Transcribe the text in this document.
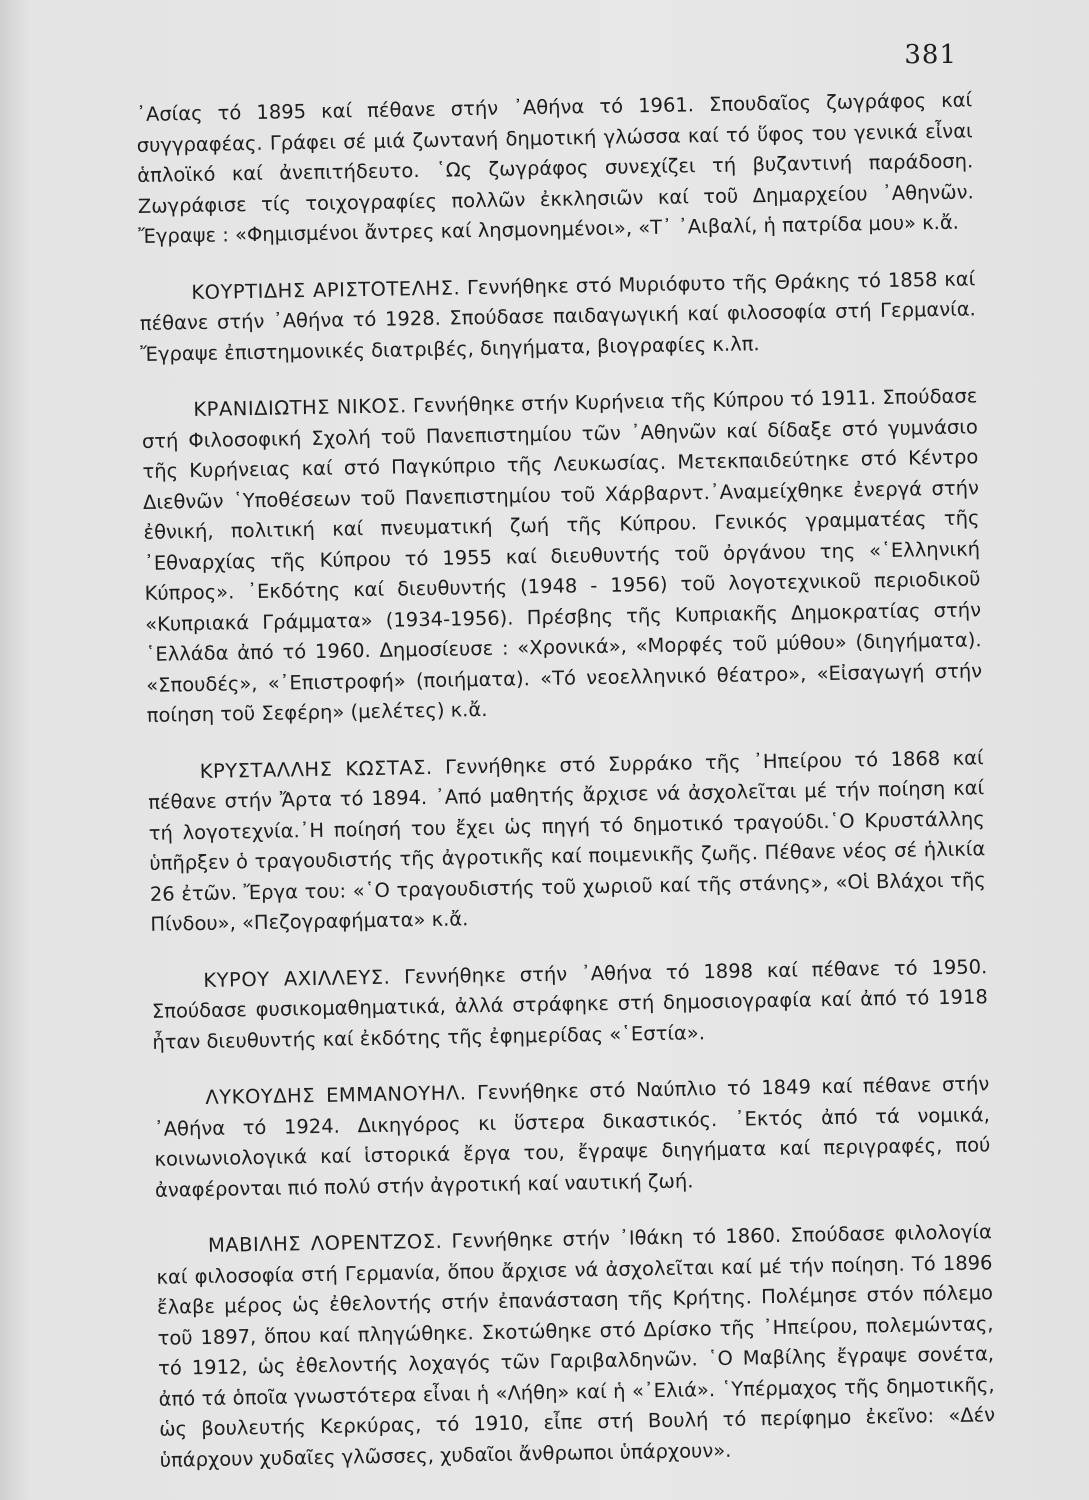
381

᾿Ασίας τό 1895 καί πέθανε στήν ᾿Αθήνα τό 1961. Σπουδαῖος ζωγράφος καί συγγραφέας. Γράφει σέ μιά ζωντανή δημοτική γλώσσα καί τό ὕφος του γενικά εἶναι ἁπλοϊκό καί ἀνεπιτήδευτο. ῾Ως ζωγράφος συνεχίζει τή βυζαντινή παράδοση. Ζωγράφισε τίς τοιχογραφίες πολλῶν ἐκκλησιῶν καί τοῦ Δημαρχείου ᾿Αθηνῶν. Ἔγραψε : «Φημισμένοι ἄντρες καί λησμονημένοι», «Τ᾿ ᾿Αιβαλί, ἡ πατρίδα μου» κ.ἄ.

ΚΟΥΡΤΙΔΗΣ ΑΡΙΣΤΟΤΕΛΗΣ. Γεννήθηκε στό Μυριόφυτο τῆς Θράκης τό 1858 καί πέθανε στήν ᾿Αθήνα τό 1928. Σπούδασε παιδαγωγική καί φιλοσοφία στή Γερμανία. Ἔγραψε ἐπιστημονικές διατριβές, διηγήματα, βιογραφίες κ.λπ.

ΚΡΑΝΙΔΙΩΤΗΣ ΝΙΚΟΣ. Γεννήθηκε στήν Κυρήνεια τῆς Κύπρου τό 1911. Σπούδασε στή Φιλοσοφική Σχολή τοῦ Πανεπιστημίου τῶν ᾿Αθηνῶν καί δίδαξε στό γυμνάσιο τῆς Κυρήνειας καί στό Παγκύπριο τῆς Λευκωσίας. Μετεκπαιδεύτηκε στό Κέντρο Διεθνῶν ῾Υποθέσεων τοῦ Πανεπιστημίου τοῦ Χάρβαρντ.᾿Αναμείχθηκε ἐνεργά στήν ἐθνική, πολιτική καί πνευματική ζωή τῆς Κύπρου. Γενικός γραμματέας τῆς ᾿Εθναρχίας τῆς Κύπρου τό 1955 καί διευθυντής τοῦ ὀργάνου της «῾Ελληνική Κύπρος». ᾿Εκδότης καί διευθυντής (1948 - 1956) τοῦ λογοτεχνικοῦ περιοδικοῦ «Κυπριακά Γράμματα» (1934-1956). Πρέσβης τῆς Κυπριακῆς Δημοκρατίας στήν ῾Ελλάδα ἀπό τό 1960. Δημοσίευσε : «Χρονικά», «Μορφές τοῦ μύθου» (διηγήματα). «Σπουδές», «᾿Επιστροφή» (ποιήματα). «Τό νεοελληνικό θέατρο», «Εἰσαγωγή στήν ποίηση τοῦ Σεφέρη» (μελέτες) κ.ἄ.

ΚΡΥΣΤΑΛΛΗΣ ΚΩΣΤΑΣ. Γεννήθηκε στό Συρράκο τῆς ᾿Ηπείρου τό 1868 καί πέθανε στήν Ἄρτα τό 1894. ᾿Από μαθητής ἄρχισε νά ἀσχολεῖται μέ τήν ποίηση καί τή λογοτεχνία.᾿Η ποίησή του ἔχει ὡς πηγή τό δημοτικό τραγούδι.῾Ο Κρυστάλλης ὑπῆρξεν ὁ τραγουδιστής τῆς ἀγροτικῆς καί ποιμενικῆς ζωῆς. Πέθανε νέος σέ ἡλικία 26 ἐτῶν. Ἔργα του: «῾Ο τραγουδιστής τοῦ χωριοῦ καί τῆς στάνης», «Οἱ Βλάχοι τῆς Πίνδου», «Πεζογραφήματα» κ.ἄ.

ΚΥΡΟΥ ΑΧΙΛΛΕΥΣ. Γεννήθηκε στήν ᾿Αθήνα τό 1898 καί πέθανε τό 1950. Σπούδασε φυσικομαθηματικά, ἀλλά στράφηκε στή δημοσιογραφία καί ἀπό τό 1918 ἦταν διευθυντής καί ἐκδότης τῆς ἐφημερίδας «῾Εστία».

ΛΥΚΟΥΔΗΣ ΕΜΜΑΝΟΥΗΛ. Γεννήθηκε στό Ναύπλιο τό 1849 καί πέθανε στήν ᾿Αθήνα τό 1924. Δικηγόρος κι ὕστερα δικαστικός. ᾿Εκτός ἀπό τά νομικά, κοινωνιολογικά καί ἱστορικά ἔργα του, ἔγραψε διηγήματα καί περιγραφές, πού ἀναφέρονται πιό πολύ στήν ἀγροτική καί ναυτική ζωή.

ΜΑΒΙΛΗΣ ΛΟΡΕΝΤΖΟΣ. Γεννήθηκε στήν ᾿Ιθάκη τό 1860. Σπούδασε φιλολογία καί φιλοσοφία στή Γερμανία, ὅπου ἄρχισε νά ἀσχολεῖται καί μέ τήν ποίηση. Τό 1896 ἔλαβε μέρος ὡς ἐθελοντής στήν ἐπανάσταση τῆς Κρήτης. Πολέμησε στόν πόλεμο τοῦ 1897, ὅπου καί πληγώθηκε. Σκοτώθηκε στό Δρίσκο τῆς ᾿Ηπείρου, πολεμώντας, τό 1912, ὡς ἐθελοντής λοχαγός τῶν Γαριβαλδηνῶν. ῾Ο Μαβίλης ἔγραψε σονέτα, ἀπό τά ὁποῖα γνωστότερα εἶναι ἡ «Λήθη» καί ἡ «᾿Ελιά». ῾Υπέρμαχος τῆς δημοτικῆς, ὡς βουλευτής Κερκύρας, τό 1910, εἶπε στή Βουλή τό περίφημο ἐκεῖνο: «Δέν ὑπάρχουν χυδαῖες γλῶσσες, χυδαῖοι ἄνθρωποι ὑπάρχουν».
